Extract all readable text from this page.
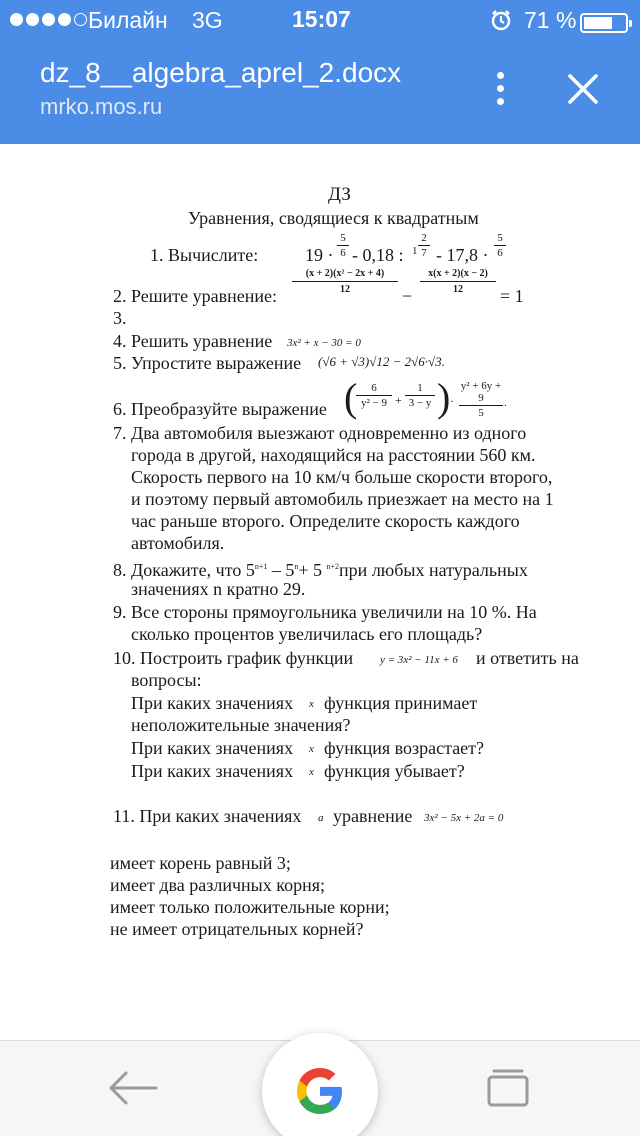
Билайн 3G	15:07	71 %
dz_8__algebra_aprel_2.docx
mrko.mos.ru
ДЗ
Уравнения, сводящиеся к квадратным
1. Вычислите:	19 ·
5
6 - 0,18 : 1
2
7 - 17,8 ·
5
6
2. Решите уравнение:
(x + 2)(x² − 2x + 4)
12	−
x(x + 2)(x − 2)
12	= 1
3.
4. Решить уравнение 3x² + x − 30 = 0
5. Упростите выражение (√6 + √3)√12 − 2√6·√3.
6. Преобразуйте выражение (	6
y² − 9 +
1
3 − y ) ·
y² + 6y + 9
5
.
7. Два автомобиля выезжают одновременно из одного
города в другой, находящийся на расстоянии 560 км.
Скорость первого на 10 км/ч больше скорости второго,
и поэтому первый автомобиль приезжает на место на 1
час раньше второго. Определите скорость каждого
автомобиля.
8. Докажите, что $5^{n+1} - 5^n+ 5$ $^{n+2}$при любых натуральных
значениях n кратно 29.
9. Все стороны прямоугольника увеличили на 10 %. На
сколько процентов увеличилась его площадь?
10. Построить график функции y = 3x² − 11x + 6 и ответить на
вопросы:
При каких значениях x функция принимает
неположительные значения?
При каких значениях x функция возрастает?
При каких значениях x функция убывает?
11. При каких значениях a уравнение 3x² − 5x + 2a = 0
имеет корень равный 3;
имеет два различных корня;
имеет только положительные корни;
не имеет отрицательных корней?
